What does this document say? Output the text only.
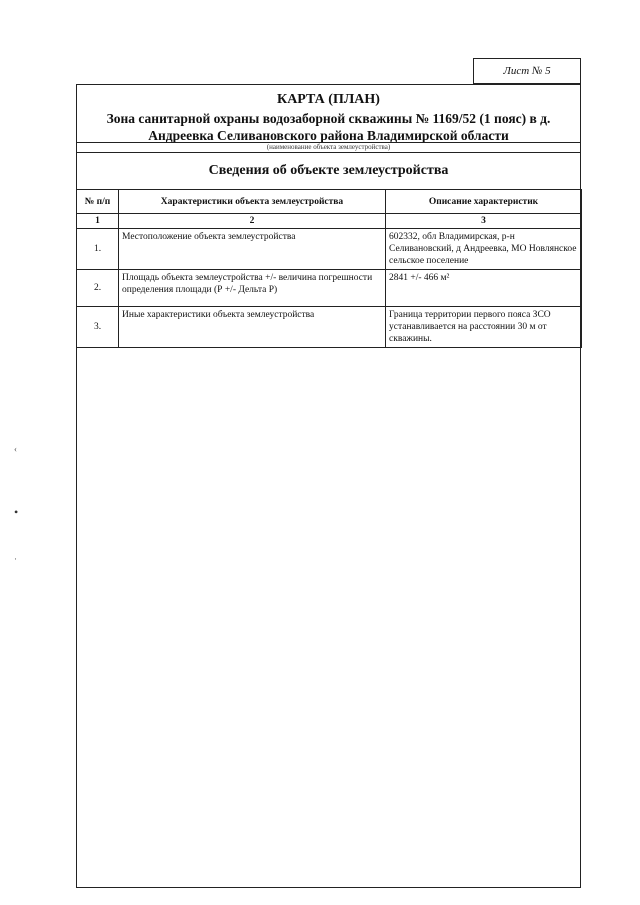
Лист № 5
КАРТА (ПЛАН)
Зона санитарной охраны водозаборной скважины № 1169/52 (1 пояс) в д. Андреевка Селивановского района Владимирской области
(наименование объекта землеустройства)
Сведения об объекте землеустройства
№ п/п	Характеристики объекта землеустройства	Описание характеристик
1	2	3
1.	Местоположение объекта землеустройства	602332, обл Владимирская, р-н Селивановский, д Андреевка, МО Новлянское сельское поселение
2.	Площадь объекта землеустройства +/- величина погрешности определения площади (Р +/- Дельта Р)	2841 +/- 466 м²
3.	Иные характеристики объекта землеустройства	Граница территории первого пояса ЗСО устанавливается на расстоянии 30 м от скважины.
‹
•
·
